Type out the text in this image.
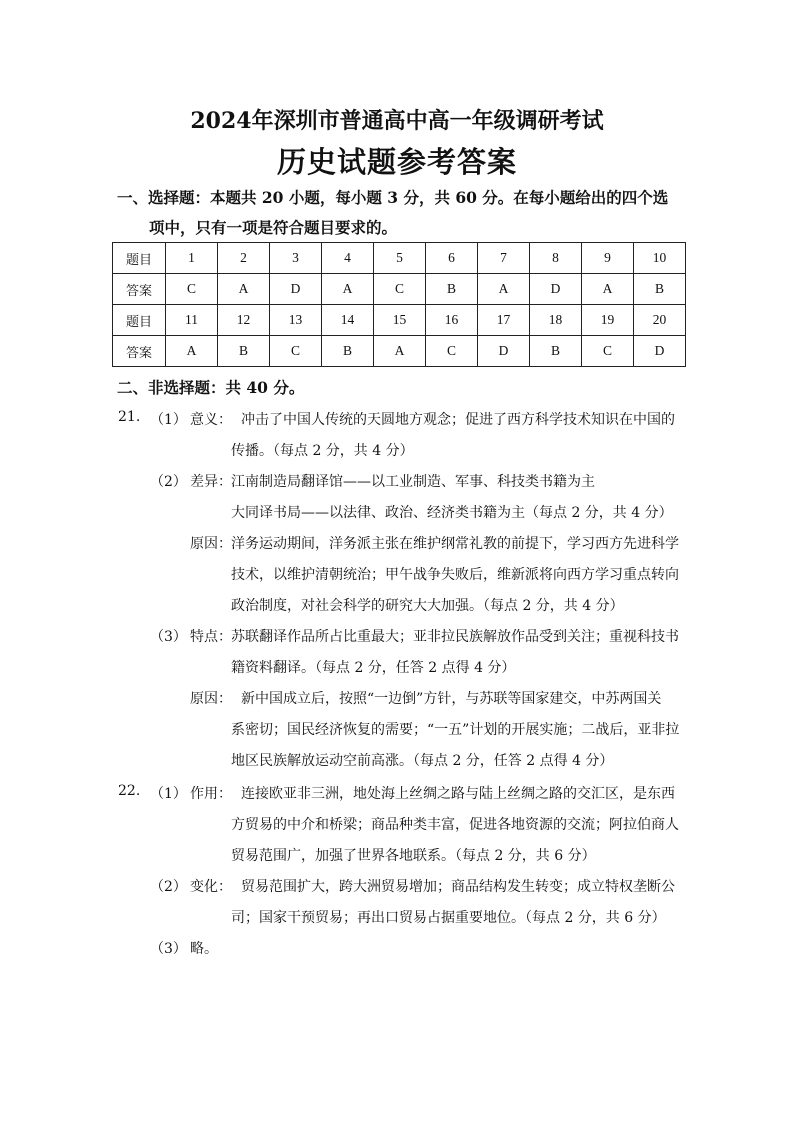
2024年深圳市普通高中高一年级调研考试
历史试题参考答案
一、选择题：本题共 20 小题，每小题 3 分，共 60 分。在每小题给出的四个选
项中，只有一项是符合题目要求的。
题目	1	2	3	4	5	6	7	8	9	10
答案	C	A	D	A	C	B	A	D	A	B
题目	11	12	13	14	15	16	17	18	19	20
答案	A	B	C	B	A	C	D	B	C	D
二、非选择题：共 40 分。
21. （1） 意义： 冲击了中国人传统的天圆地方观念；促进了西方科学技术知识在中国的
传播。（每点 2 分，共 4 分）
（2） 差异： 江南制造局翻译馆——以工业制造、军事、科技类书籍为主
大同译书局——以法律、政治、经济类书籍为主（每点 2 分，共 4 分）
原因： 洋务运动期间，洋务派主张在维护纲常礼教的前提下，学习西方先进科学
技术，以维护清朝统治；甲午战争失败后，维新派将向西方学习重点转向
政治制度，对社会科学的研究大大加强。（每点 2 分，共 4 分）
（3） 特点： 苏联翻译作品所占比重最大；亚非拉民族解放作品受到关注；重视科技书
籍资料翻译。（每点 2 分，任答 2 点得 4 分）
原因： 新中国成立后，按照“一边倒”方针，与苏联等国家建交，中苏两国关
系密切；国民经济恢复的需要；“一五”计划的开展实施；二战后，亚非拉
地区民族解放运动空前高涨。（每点 2 分，任答 2 点得 4 分）
22. （1） 作用： 连接欧亚非三洲，地处海上丝绸之路与陆上丝绸之路的交汇区，是东西
方贸易的中介和桥梁；商品种类丰富，促进各地资源的交流；阿拉伯商人
贸易范围广，加强了世界各地联系。（每点 2 分，共 6 分）
（2） 变化： 贸易范围扩大，跨大洲贸易增加；商品结构发生转变；成立特权垄断公
司；国家干预贸易；再出口贸易占据重要地位。（每点 2 分，共 6 分）
（3） 略。
